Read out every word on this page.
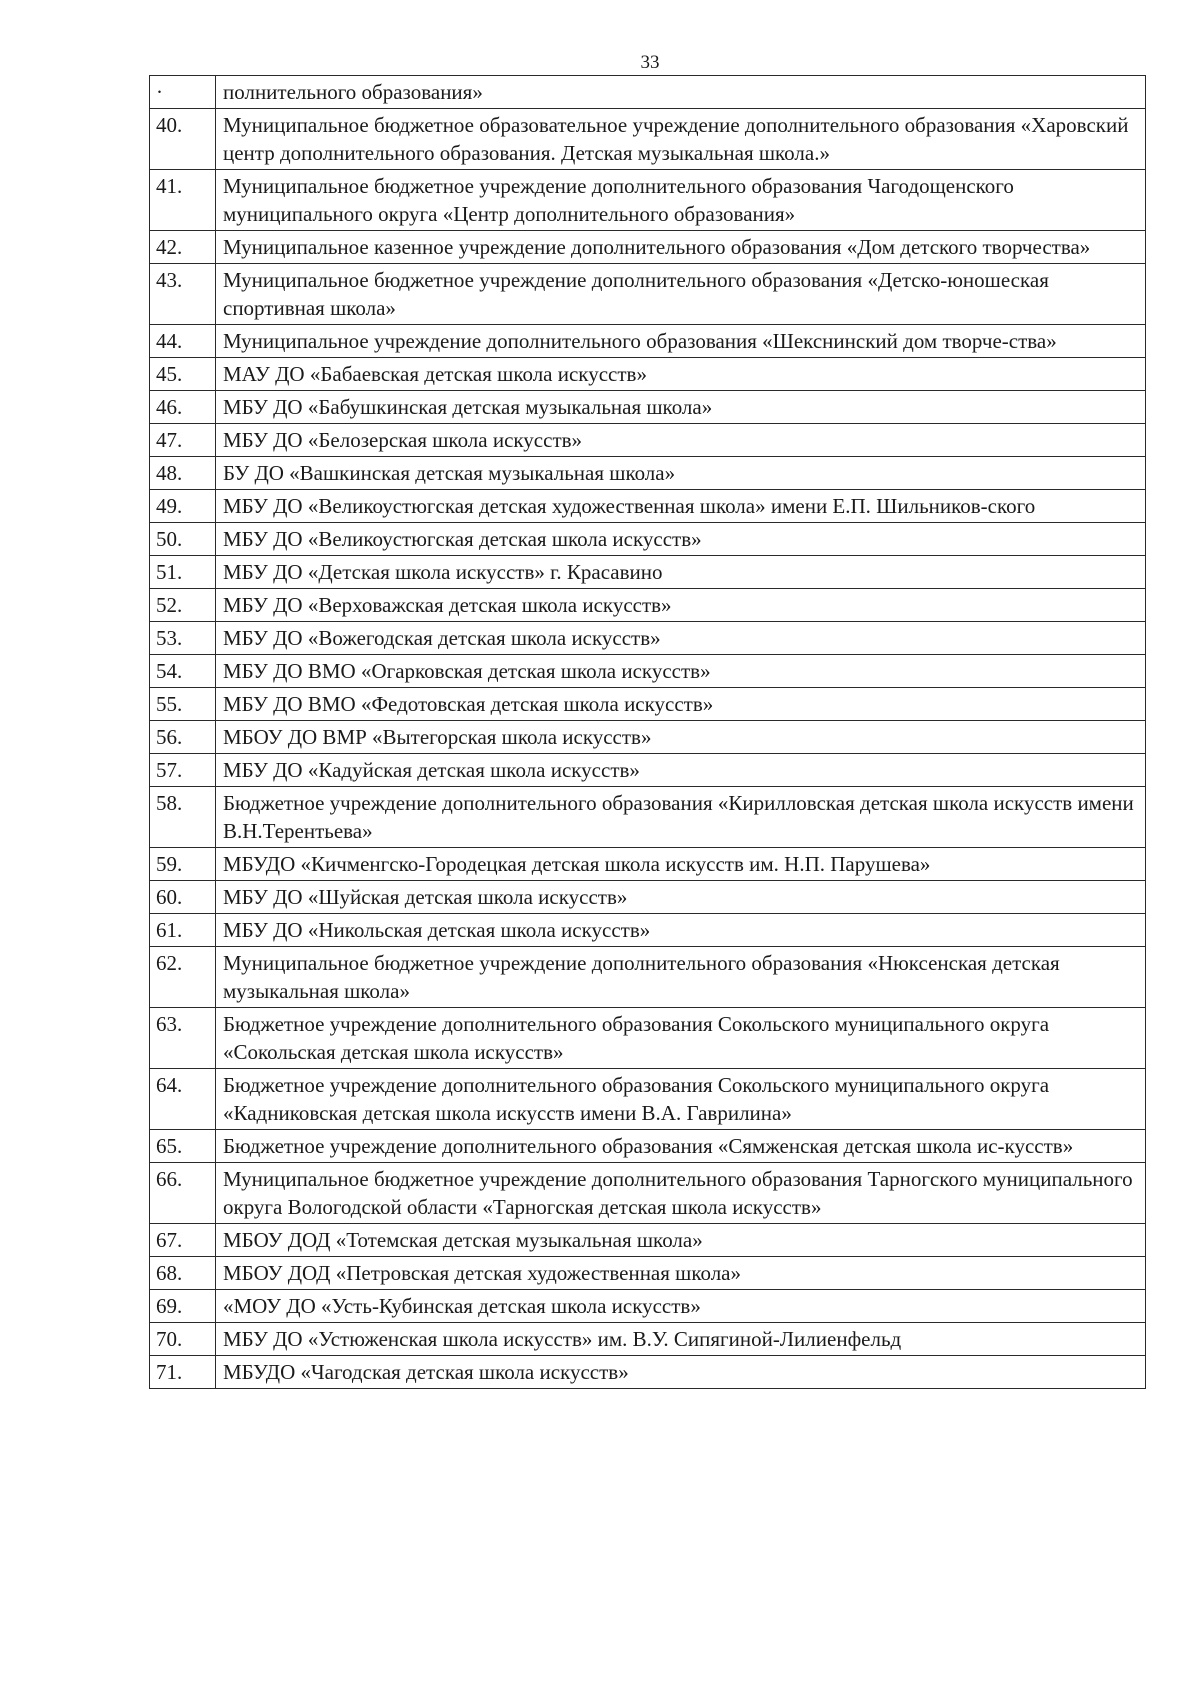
33
·	полнительного образования»
40.	Муниципальное бюджетное образовательное учреждение дополнительного образования «Харовский центр дополнительного образования. Детская музыкальная школа.»
41.	Муниципальное бюджетное учреждение дополнительного образования Чагодощенского муниципального округа «Центр дополнительного образования»
42.	Муниципальное казенное учреждение дополнительного образования «Дом детского творчества»
43.	Муниципальное бюджетное учреждение дополнительного образования «Детско-юношеская спортивная школа»
44.	Муниципальное учреждение дополнительного образования «Шекснинский дом творче-ства»
45.	МАУ ДО «Бабаевская детская школа искусств»
46.	МБУ ДО «Бабушкинская детская музыкальная школа»
47.	МБУ ДО «Белозерская школа искусств»
48.	БУ ДО «Вашкинская детская музыкальная школа»
49.	МБУ ДО «Великоустюгская детская художественная школа» имени Е.П. Шильников-ского
50.	МБУ ДО «Великоустюгская детская школа искусств»
51.	МБУ ДО «Детская школа искусств» г. Красавино
52.	МБУ ДО «Верховажская детская школа искусств»
53.	МБУ ДО «Вожегодская детская школа искусств»
54.	МБУ ДО ВМО «Огарковская детская школа искусств»
55.	МБУ ДО ВМО «Федотовская детская школа искусств»
56.	МБОУ ДО ВМР «Вытегорская школа искусств»
57.	МБУ ДО «Кадуйская детская школа искусств»
58.	Бюджетное учреждение дополнительного образования «Кирилловская детская школа искусств имени В.Н.Терентьева»
59.	МБУДО «Кичменгско-Городецкая детская школа искусств им. Н.П. Парушева»
60.	МБУ ДО «Шуйская детская школа искусств»
61.	МБУ ДО «Никольская детская школа искусств»
62.	Муниципальное бюджетное учреждение дополнительного образования «Нюксенская детская музыкальная школа»
63.	Бюджетное учреждение дополнительного образования Сокольского муниципального округа «Сокольская детская школа искусств»
64.	Бюджетное учреждение дополнительного образования Сокольского муниципального округа «Кадниковская детская школа искусств имени В.А. Гаврилина»
65.	Бюджетное учреждение дополнительного образования «Сямженская детская школа ис-кусств»
66.	Муниципальное бюджетное учреждение дополнительного образования Тарногского муниципального округа Вологодской области «Тарногская детская школа искусств»
67.	МБОУ ДОД «Тотемская детская музыкальная школа»
68.	МБОУ ДОД «Петровская детская художественная школа»
69.	«МОУ ДО «Усть-Кубинская детская школа искусств»
70.	МБУ ДО «Устюженская школа искусств» им. В.У. Сипягиной-Лилиенфельд
71.	МБУДО «Чагодская детская школа искусств»
